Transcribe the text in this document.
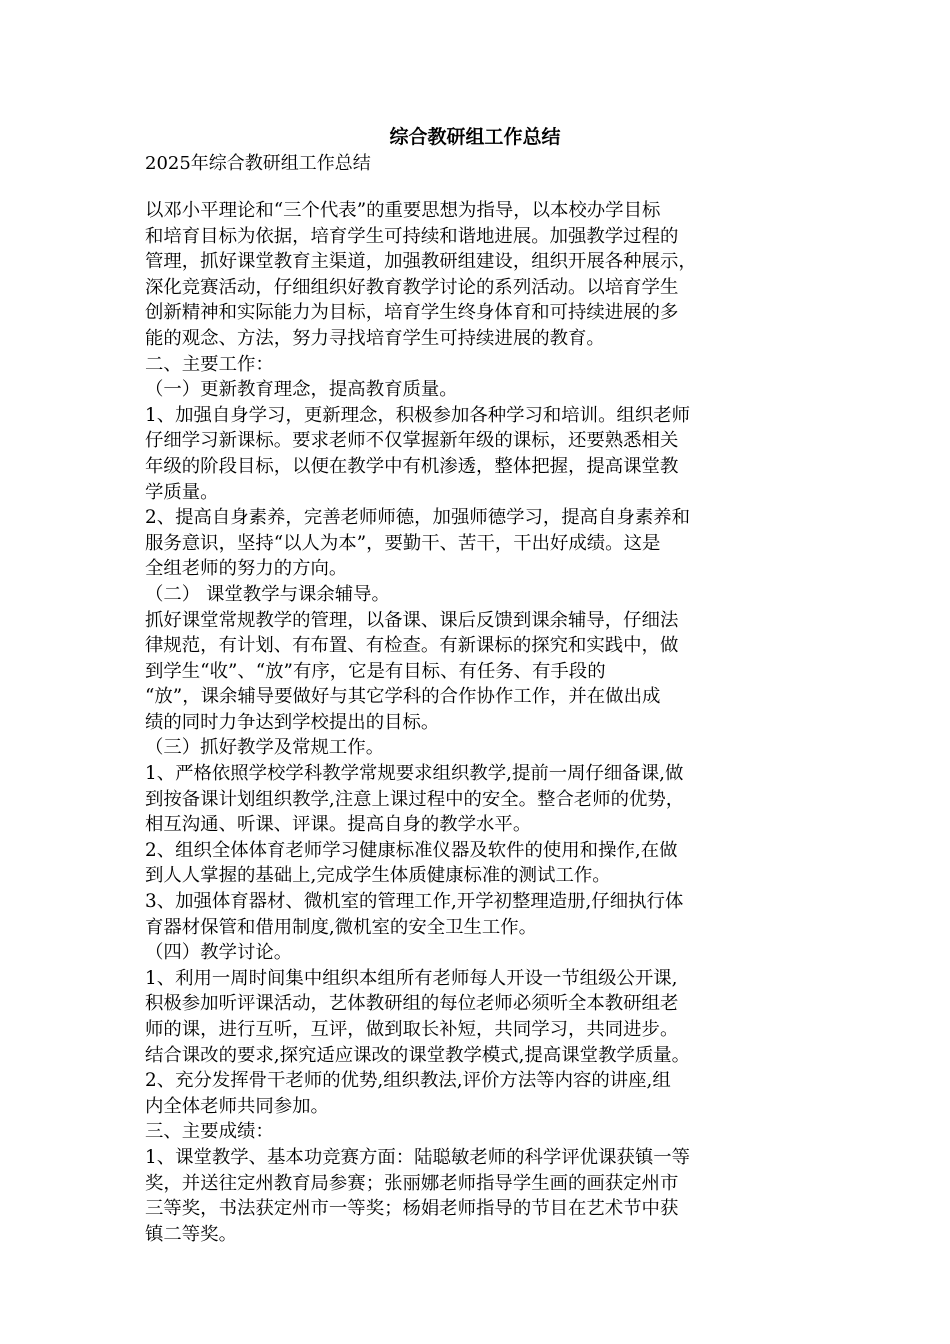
综合教研组工作总结
2025年综合教研组工作总结
以邓小平理论和“三个代表”的重要思想为指导，以本校办学目标
和培育目标为依据，培育学生可持续和谐地进展。加强教学过程的
管理，抓好课堂教育主渠道，加强教研组建设，组织开展各种展示，
深化竞赛活动，仔细组织好教育教学讨论的系列活动。以培育学生
创新精神和实际能力为目标，培育学生终身体育和可持续进展的多
能的观念、方法，努力寻找培育学生可持续进展的教育。
二、主要工作：
（一）更新教育理念，提高教育质量。
1、加强自身学习，更新理念，积极参加各种学习和培训。组织老师
仔细学习新课标。要求老师不仅掌握新年级的课标，还要熟悉相关
年级的阶段目标，以便在教学中有机渗透，整体把握，提高课堂教
学质量。
2、提高自身素养，完善老师师德，加强师德学习，提高自身素养和
服务意识，坚持“以人为本”，要勤干、苦干，干出好成绩。这是
全组老师的努力的方向。
（二） 课堂教学与课余辅导。
抓好课堂常规教学的管理，以备课、课后反馈到课余辅导，仔细法
律规范，有计划、有布置、有检查。有新课标的探究和实践中，做
到学生“收”、“放”有序，它是有目标、有任务、有手段的
“放”，课余辅导要做好与其它学科的合作协作工作，并在做出成
绩的同时力争达到学校提出的目标。
（三）抓好教学及常规工作。
1、严格依照学校学科教学常规要求组织教学,提前一周仔细备课,做
到按备课计划组织教学,注意上课过程中的安全。整合老师的优势，
相互沟通、听课、评课。提高自身的教学水平。
2、组织全体体育老师学习健康标准仪器及软件的使用和操作,在做
到人人掌握的基础上,完成学生体质健康标准的测试工作。
3、加强体育器材、微机室的管理工作,开学初整理造册,仔细执行体
育器材保管和借用制度,微机室的安全卫生工作。
（四）教学讨论。
1、利用一周时间集中组织本组所有老师每人开设一节组级公开课,
积极参加听评课活动，艺体教研组的每位老师必须听全本教研组老
师的课，进行互听，互评，做到取长补短，共同学习，共同进步。
结合课改的要求,探究适应课改的课堂教学模式,提高课堂教学质量。
2、充分发挥骨干老师的优势,组织教法,评价方法等内容的讲座,组
内全体老师共同参加。
三、主要成绩：
1、课堂教学、基本功竞赛方面：陆聪敏老师的科学评优课获镇一等
奖，并送往定州教育局参赛；张丽娜老师指导学生画的画获定州市
三等奖，书法获定州市一等奖；杨娟老师指导的节目在艺术节中获
镇二等奖。
